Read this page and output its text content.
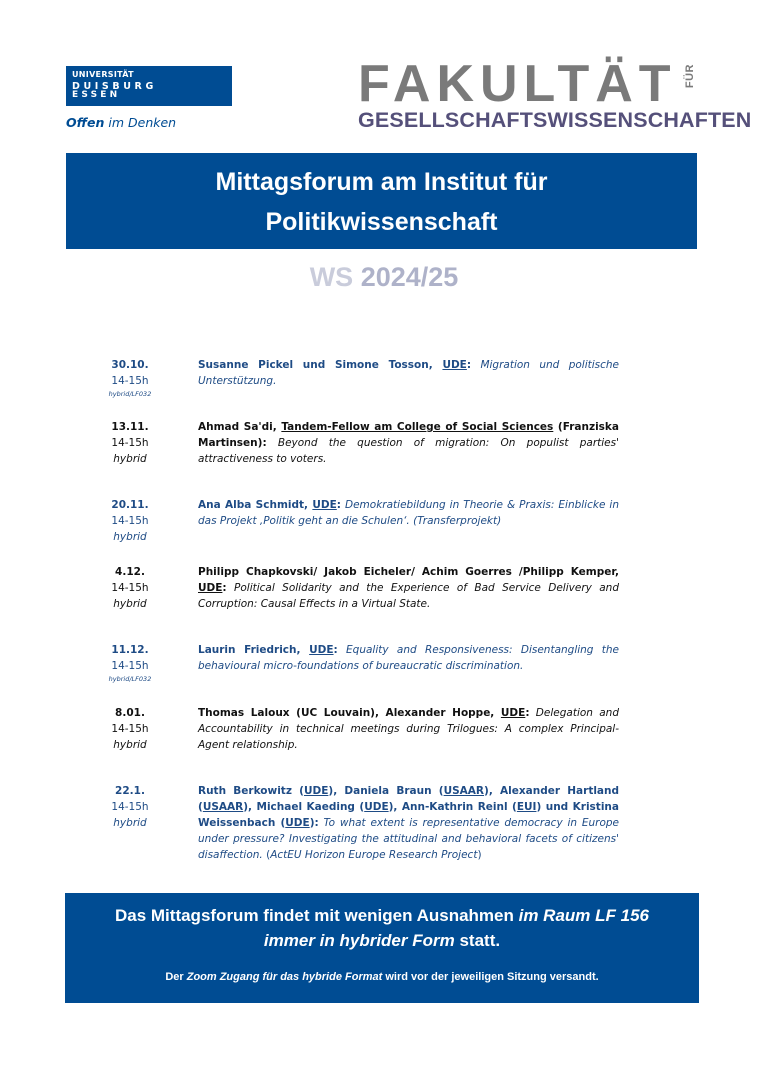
UNIVERSITÄT
DUISBURG
ESSEN
Offen im Denken
FAKULTÄT FÜR
GESELLSCHAFTSWISSENSCHAFTEN
Mittagsforum am Institut für
Politikwissenschaft
WS 2024/25
30.10.
14-15h
hybrid/LF032
Susanne Pickel und Simone Tosson, UDE: Migration und politische Unterstützung.
13.11.
14-15h
hybrid
Ahmad Sa'di, Tandem-Fellow am College of Social Sciences (Franziska Martinsen): Beyond the question of migration: On populist parties' attractiveness to voters.
20.11.
14-15h
hybrid
Ana Alba Schmidt, UDE: Demokratiebildung in Theorie & Praxis: Einblicke in das Projekt ‚Politik geht an die Schulen‘. (Transferprojekt)
4.12.
14-15h
hybrid
Philipp Chapkovski/ Jakob Eicheler/ Achim Goerres /Philipp Kemper, UDE: Political Solidarity and the Experience of Bad Service Delivery and Corruption: Causal Effects in a Virtual State.
11.12.
14-15h
hybrid/LF032
Laurin Friedrich, UDE: Equality and Responsiveness: Disentangling the behavioural micro-foundations of bureaucratic discrimination.
8.01.
14-15h
hybrid
Thomas Laloux (UC Louvain), Alexander Hoppe, UDE: Delegation and Accountability in technical meetings during Trilogues: A complex Principal-Agent relationship.
22.1.
14-15h
hybrid
Ruth Berkowitz (UDE), Daniela Braun (USAAR), Alexander Hartland (USAAR), Michael Kaeding (UDE), Ann-Kathrin Reinl (EUI) und Kristina Weissenbach (UDE): To what extent is representative democracy in Europe under pressure? Investigating the attitudinal and behavioral facets of citizens' disaffection. (ActEU Horizon Europe Research Project)
Das Mittagsforum findet mit wenigen Ausnahmen im Raum LF 156
immer in hybrider Form statt.
Der Zoom Zugang für das hybride Format wird vor der jeweiligen Sitzung versandt.
